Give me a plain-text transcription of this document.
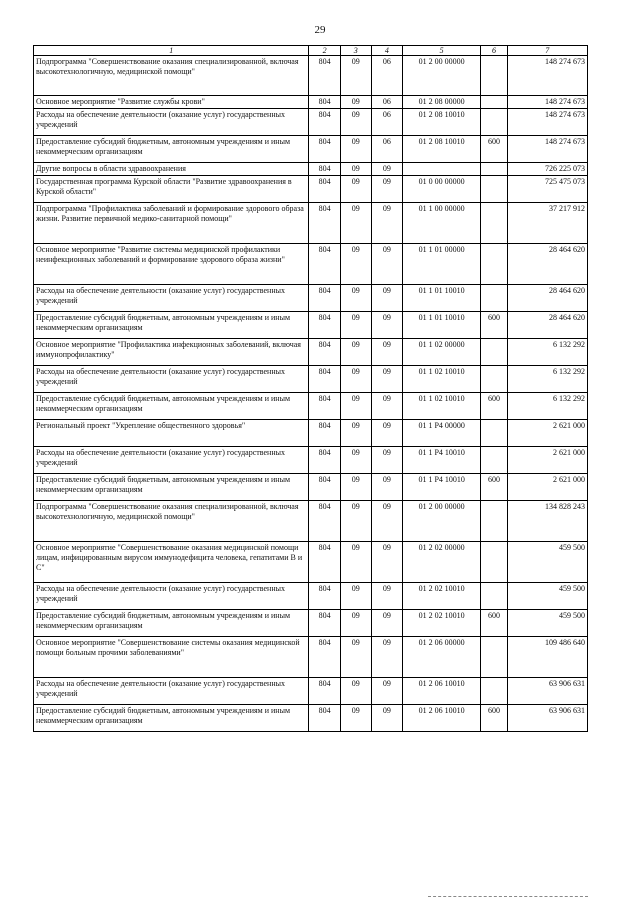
29
1	2	3	4	5	6	7
Подпрограмма "Совершенствование оказания специализированной, включая высокотехнологичную, медицинской помощи"	804	09	06	01 2 00 00000		148 274 673
Основное мероприятие "Развитие службы крови"	804	09	06	01 2 08 00000		148 274 673
Расходы на обеспечение деятельности (оказание услуг) государственных учреждений	804	09	06	01 2 08 10010		148 274 673
Предоставление субсидий бюджетным, автономным учреждениям и иным некоммерческим организациям	804	09	06	01 2 08 10010	600	148 274 673
Другие вопросы в области здравоохранения	804	09	09			726 225 073
Государственная программа Курской области "Развитие здравоохранения в Курской области"	804	09	09	01 0 00 00000		725 475 073
Подпрограмма "Профилактика заболеваний и формирование здорового образа жизни. Развитие первичной медико-санитарной помощи"	804	09	09	01 1 00 00000		37 217 912
Основное мероприятие "Развитие системы медицинской профилактики неинфекционных заболеваний и формирование здорового образа жизни"	804	09	09	01 1 01 00000		28 464 620
Расходы на обеспечение деятельности (оказание услуг) государственных учреждений	804	09	09	01 1 01 10010		28 464 620
Предоставление субсидий бюджетным, автономным учреждениям и иным некоммерческим организациям	804	09	09	01 1 01 10010	600	28 464 620
Основное мероприятие "Профилактика инфекционных заболеваний, включая иммунопрофилактику"	804	09	09	01 1 02 00000		6 132 292
Расходы на обеспечение деятельности (оказание услуг) государственных учреждений	804	09	09	01 1 02 10010		6 132 292
Предоставление субсидий бюджетным, автономным учреждениям и иным некоммерческим организациям	804	09	09	01 1 02 10010	600	6 132 292
Региональный проект "Укрепление общественного здоровья"	804	09	09	01 1 P4 00000		2 621 000
Расходы на обеспечение деятельности (оказание услуг) государственных учреждений	804	09	09	01 1 P4 10010		2 621 000
Предоставление субсидий бюджетным, автономным учреждениям и иным некоммерческим организациям	804	09	09	01 1 P4 10010	600	2 621 000
Подпрограмма "Совершенствование оказания специализированной, включая высокотехнологичную, медицинской помощи"	804	09	09	01 2 00 00000		134 828 243
Основное мероприятие "Совершенствование оказания медицинской помощи лицам, инфицированным вирусом иммунодефицита человека, гепатитами В и С"	804	09	09	01 2 02 00000		459 500
Расходы на обеспечение деятельности (оказание услуг) государственных учреждений	804	09	09	01 2 02 10010		459 500
Предоставление субсидий бюджетным, автономным учреждениям и иным некоммерческим организациям	804	09	09	01 2 02 10010	600	459 500
Основное мероприятие "Совершенствование системы оказания медицинской помощи больным прочими заболеваниями"	804	09	09	01 2 06 00000		109 486 640
Расходы на обеспечение деятельности (оказание услуг) государственных учреждений	804	09	09	01 2 06 10010		63 906 631
Предоставление субсидий бюджетным, автономным учреждениям и иным некоммерческим организациям	804	09	09	01 2 06 10010	600	63 906 631
